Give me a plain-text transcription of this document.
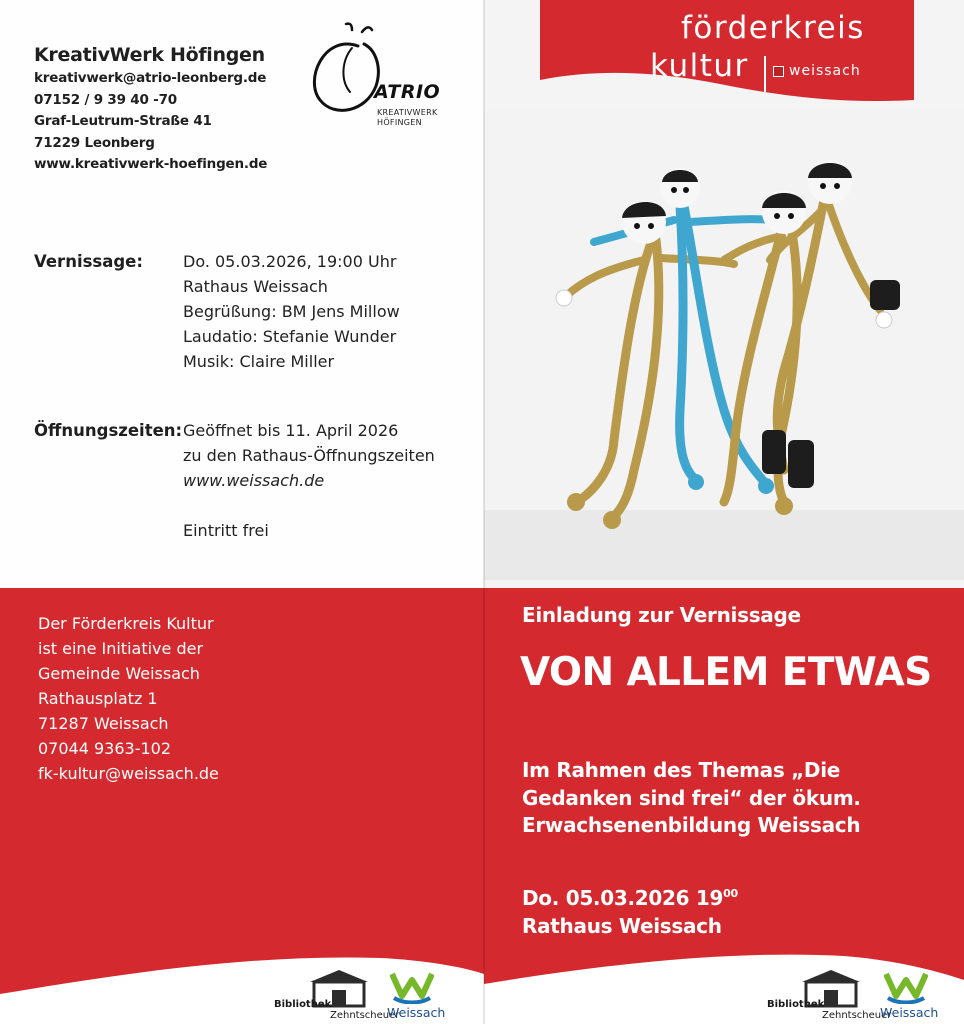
KreativWerk Höfingen
kreativwerk@atrio-leonberg.de
07152 / 9 39 40 -70
Graf-Leutrum-Straße 41
71229 Leonberg
www.kreativwerk-hoefingen.de
ATRIO
KREATIVWERK
HÖFINGEN
Vernissage:	Do. 05.03.2026, 19:00 Uhr
Rathaus Weissach
Begrüßung: BM Jens Millow
Laudatio: Stefanie Wunder
Musik: Claire Miller
Öffnungszeiten: Geöffnet bis 11. April 2026
zu den Rathaus-Öffnungszeiten
www.weissach.de
Eintritt frei
förderkreis
kultur	weissach
Der Förderkreis Kultur
ist eine Initiative der
Gemeinde Weissach
Rathausplatz 1
71287 Weissach
07044 9363-102
fk-kultur@weissach.de
Einladung zur Vernissage
VON ALLEM ETWAS
Im Rahmen des Themas „Die
Gedanken sind frei“ der ökum.
Erwachsenenbildung Weissach
Do. 05.03.2026 $19^{00}$
Rathaus Weissach
Bibliothek
Zehntscheuer
Weissach
Bibliothek
Zehntscheuer
Weissach
